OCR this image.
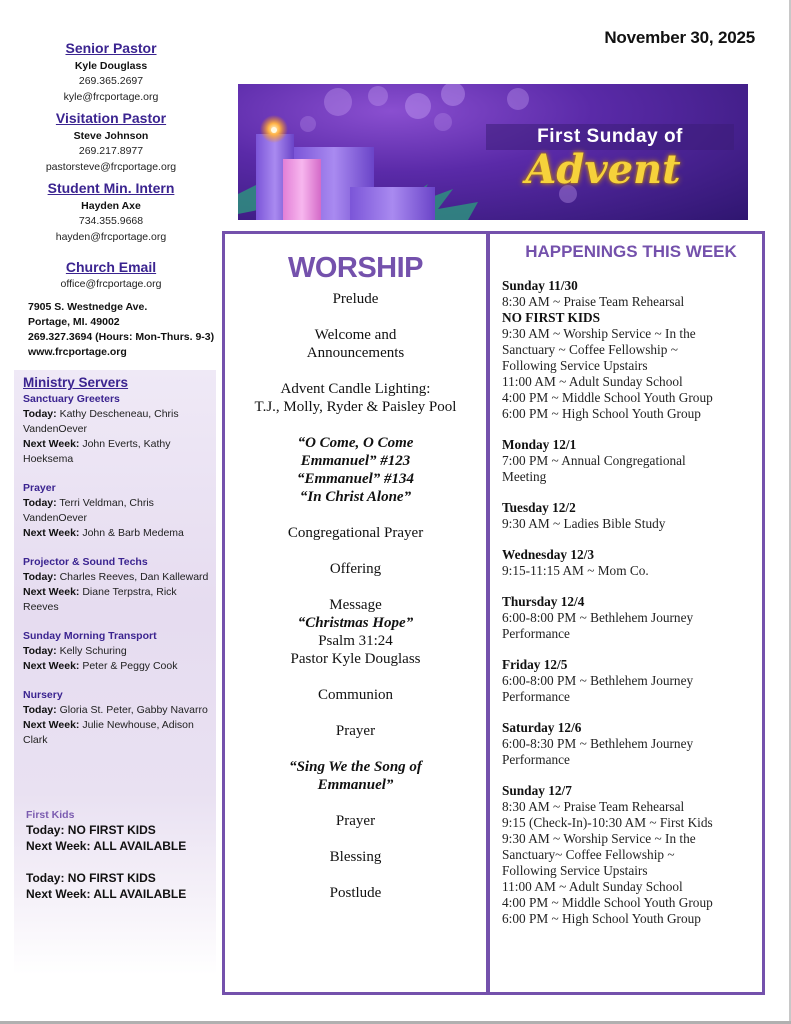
November 30, 2025
First Sunday of
Advent
Senior Pastor
Kyle Douglass
269.365.2697
kyle@frcportage.org
Visitation Pastor
Steve Johnson
269.217.8977
pastorsteve@frcportage.org
Student Min. Intern
Hayden Axe
734.355.9668
hayden@frcportage.org
Church Email
office@frcportage.org
7905 S. Westnedge Ave.
Portage, MI. 49002
269.327.3694 (Hours: Mon-Thurs. 9-3)
www.frcportage.org
Ministry Servers
Sanctuary Greeters
Today: Kathy Descheneau, Chris VandenOever
Next Week: John Everts, Kathy Hoeksema
Prayer
Today: Terri Veldman, Chris VandenOever
Next Week: John & Barb Medema
Projector & Sound Techs
Today: Charles Reeves, Dan Kalleward
Next Week: Diane Terpstra, Rick Reeves
Sunday Morning Transport
Today: Kelly Schuring
Next Week: Peter & Peggy Cook
Nursery
Today: Gloria St. Peter, Gabby Navarro
Next Week: Julie Newhouse, Adison Clark
First Kids
Today: NO FIRST KIDS
Next Week: ALL AVAILABLE
Today: NO FIRST KIDS
Next Week: ALL AVAILABLE
WORSHIP
Prelude
Welcome and
Announcements
Advent Candle Lighting:
T.J., Molly, Ryder & Paisley Pool
“O Come, O Come
Emmanuel” #123
“Emmanuel” #134
“In Christ Alone”
Congregational Prayer
Offering
Message
“Christmas Hope”
Psalm 31:24
Pastor Kyle Douglass
Communion
Prayer
“Sing We the Song of
Emmanuel”
Prayer
Blessing
Postlude
HAPPENINGS THIS WEEK
Sunday 11/30
8:30 AM ~ Praise Team Rehearsal
NO FIRST KIDS
9:30 AM ~ Worship Service ~ In the
Sanctuary ~ Coffee Fellowship ~
Following Service Upstairs
11:00 AM ~ Adult Sunday School
4:00 PM ~ Middle School Youth Group
6:00 PM ~ High School Youth Group
Monday 12/1
7:00 PM ~ Annual Congregational
Meeting
Tuesday 12/2
9:30 AM ~ Ladies Bible Study
Wednesday 12/3
9:15-11:15 AM ~ Mom Co.
Thursday 12/4
6:00-8:00 PM ~ Bethlehem Journey
Performance
Friday 12/5
6:00-8:00 PM ~ Bethlehem Journey
Performance
Saturday 12/6
6:00-8:30 PM ~ Bethlehem Journey
Performance
Sunday 12/7
8:30 AM ~ Praise Team Rehearsal
9:15 (Check-In)-10:30 AM ~ First Kids
9:30 AM ~ Worship Service ~ In the
Sanctuary~ Coffee Fellowship ~
Following Service Upstairs
11:00 AM ~ Adult Sunday School
4:00 PM ~ Middle School Youth Group
6:00 PM ~ High School Youth Group
